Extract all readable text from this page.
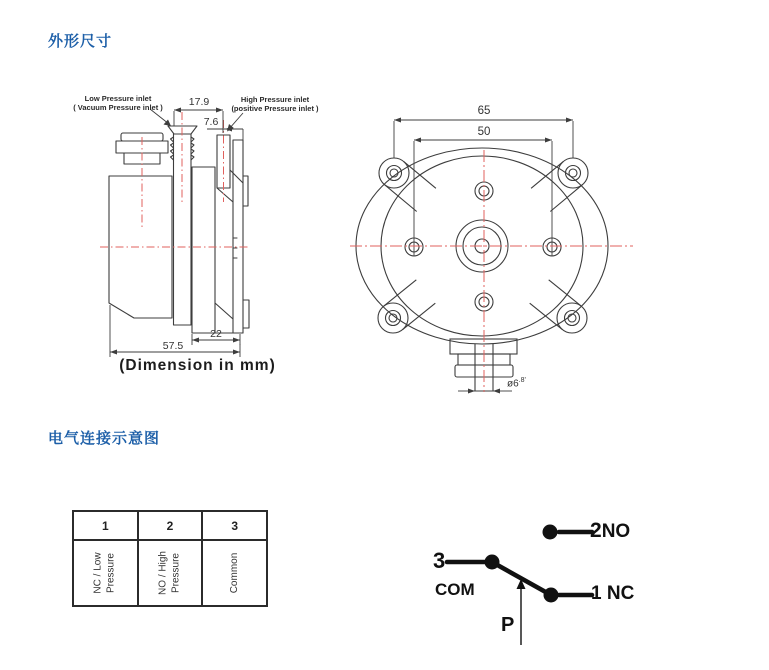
外形尺寸
Low Pressure inlet
( Vacuum Pressure inlet )
High Pressure inlet
(positive Pressure inlet )
17.9
7.6
22
57.5
(Dimension in mm)
65
50
$ø6^{.8'}$
电气连接示意图
1	2	3
NC / Low Pressure	NO / High Pressure	Common
2NO
3
COM	1 NC
P
